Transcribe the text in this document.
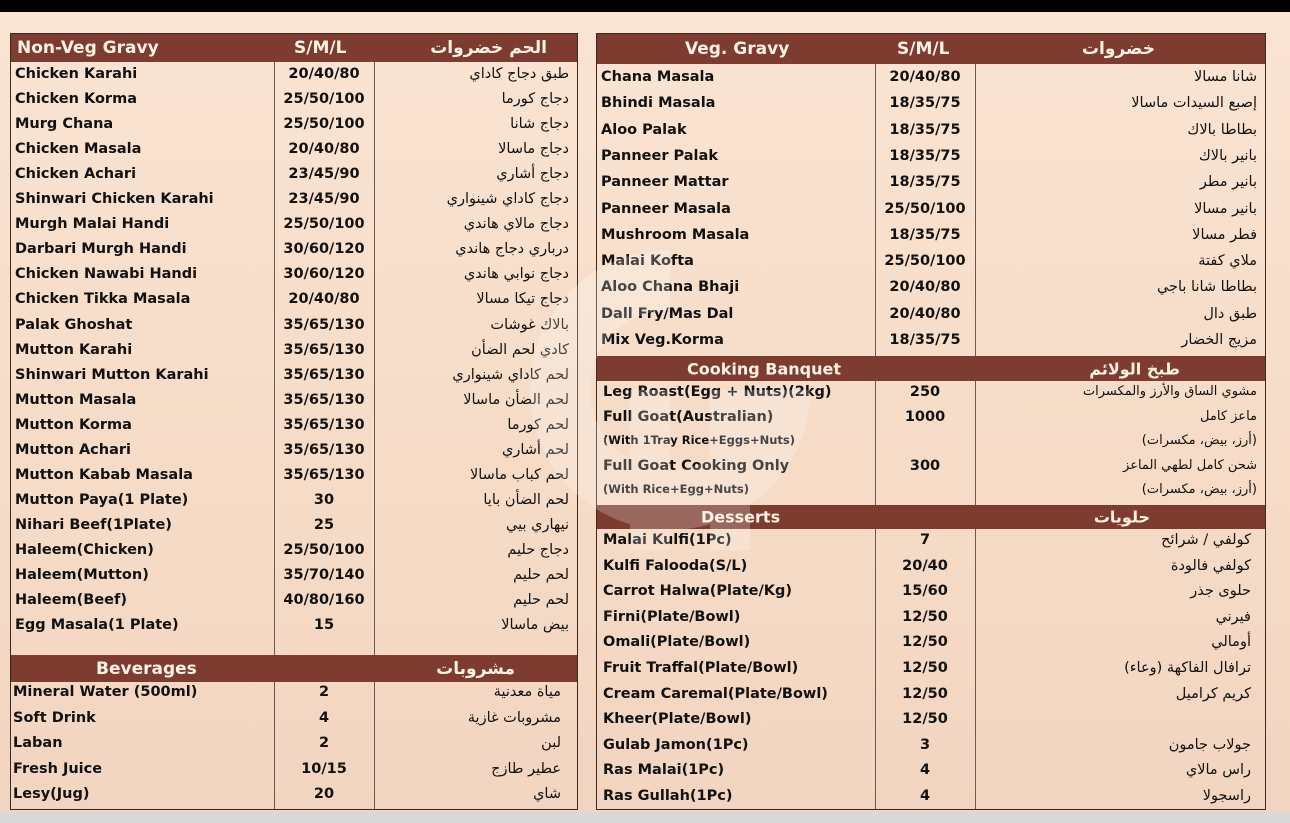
Non-Veg Gravy	S/M/L	الحم خضروات
Chicken Karahi	20/40/80	طبق دجاج كاداي
Chicken Korma	25/50/100	دجاج كورما
Murg Chana	25/50/100	دجاج شانا
Chicken Masala	20/40/80	دجاج ماسالا
Chicken Achari	23/45/90	دجاج أشاري
Shinwari Chicken Karahi	23/45/90	دجاج كاداي شينواري
Murgh Malai Handi	25/50/100	دجاج مالاي هاندي
Darbari Murgh Handi	30/60/120	درباري دجاج هاندي
Chicken Nawabi Handi	30/60/120	دجاج نوابي هاندي
Chicken Tikka Masala	20/40/80	دجاج تيكا مسالا
Palak Ghoshat	35/65/130	بالاك غوشات
Mutton Karahi	35/65/130	كادي لحم الضأن
Shinwari Mutton Karahi	35/65/130	لحم كاداي شينواري
Mutton Masala	35/65/130	لحم الضأن ماسالا
Mutton Korma	35/65/130	لحم كورما
Mutton Achari	35/65/130	لحم أشاري
Mutton Kabab Masala	35/65/130	لحم كباب ماسالا
Mutton Paya(1 Plate)	30	لحم الضأن بايا
Nihari Beef(1Plate)	25	نيهاري بيي
Haleem(Chicken)	25/50/100	دجاج حليم
Haleem(Mutton)	35/70/140	لحم حليم
Haleem(Beef)	40/80/160	لحم حليم
Egg Masala(1 Plate)	15	بيض ماسالا
Beverages	مشروبات
Mineral Water (500ml)	2	مياة معدنية
Soft Drink	4	مشروبات غازية
Laban	2	لبن
Fresh Juice	10/15	عطير طازج
Lesy(Jug)	20	شاي
Veg. Gravy	S/M/L	خضروات
Chana Masala	20/40/80	شانا مسالا
Bhindi Masala	18/35/75	إصبع السيدات ماسالا
Aloo Palak	18/35/75	بطاطا بالاك
Panneer Palak	18/35/75	بانير بالاك
Panneer Mattar	18/35/75	بانير مطر
Panneer Masala	25/50/100	بانير مسالا
Mushroom Masala	18/35/75	فطر مسالا
Malai Kofta	25/50/100	ملاي كفتة
Aloo Chana Bhaji	20/40/80	بطاطا شانا باجي
Dall Fry/Mas Dal	20/40/80	طبق دال
Mix Veg.Korma	18/35/75	مزيج الخضار
Cooking Banquet	طبخ الولائم
Leg Roast(Egg + Nuts)(2kg)	250	مشوي الساق والأرز والمكسرات
Full Goat(Australian)	1000	ماعز كامل
(With 1Tray Rice+Eggs+Nuts)	(أرز، بيض، مكسرات)
Full Goat Cooking Only	300	شحن كامل لطهي الماعز
(With Rice+Egg+Nuts)	(أرز، بيض، مكسرات)
Desserts	حلويات
Malai Kulfi(1Pc)	7	كولفي / شرائح
Kulfi Falooda(S/L)	20/40	كولفي فالودة
Carrot Halwa(Plate/Kg)	15/60	حلوى جذر
Firni(Plate/Bowl)	12/50	فيرني
Omali(Plate/Bowl)	12/50	أومالي
Fruit Traffal(Plate/Bowl)	12/50	ترافال الفاكهة (وعاء)
Cream Caremal(Plate/Bowl)	12/50	كريم كراميل
Kheer(Plate/Bowl)	12/50
Gulab Jamon(1Pc)	3	جولاب جامون
Ras Malai(1Pc)	4	راس مالاي
Ras Gullah(1Pc)	4	راسجولا
